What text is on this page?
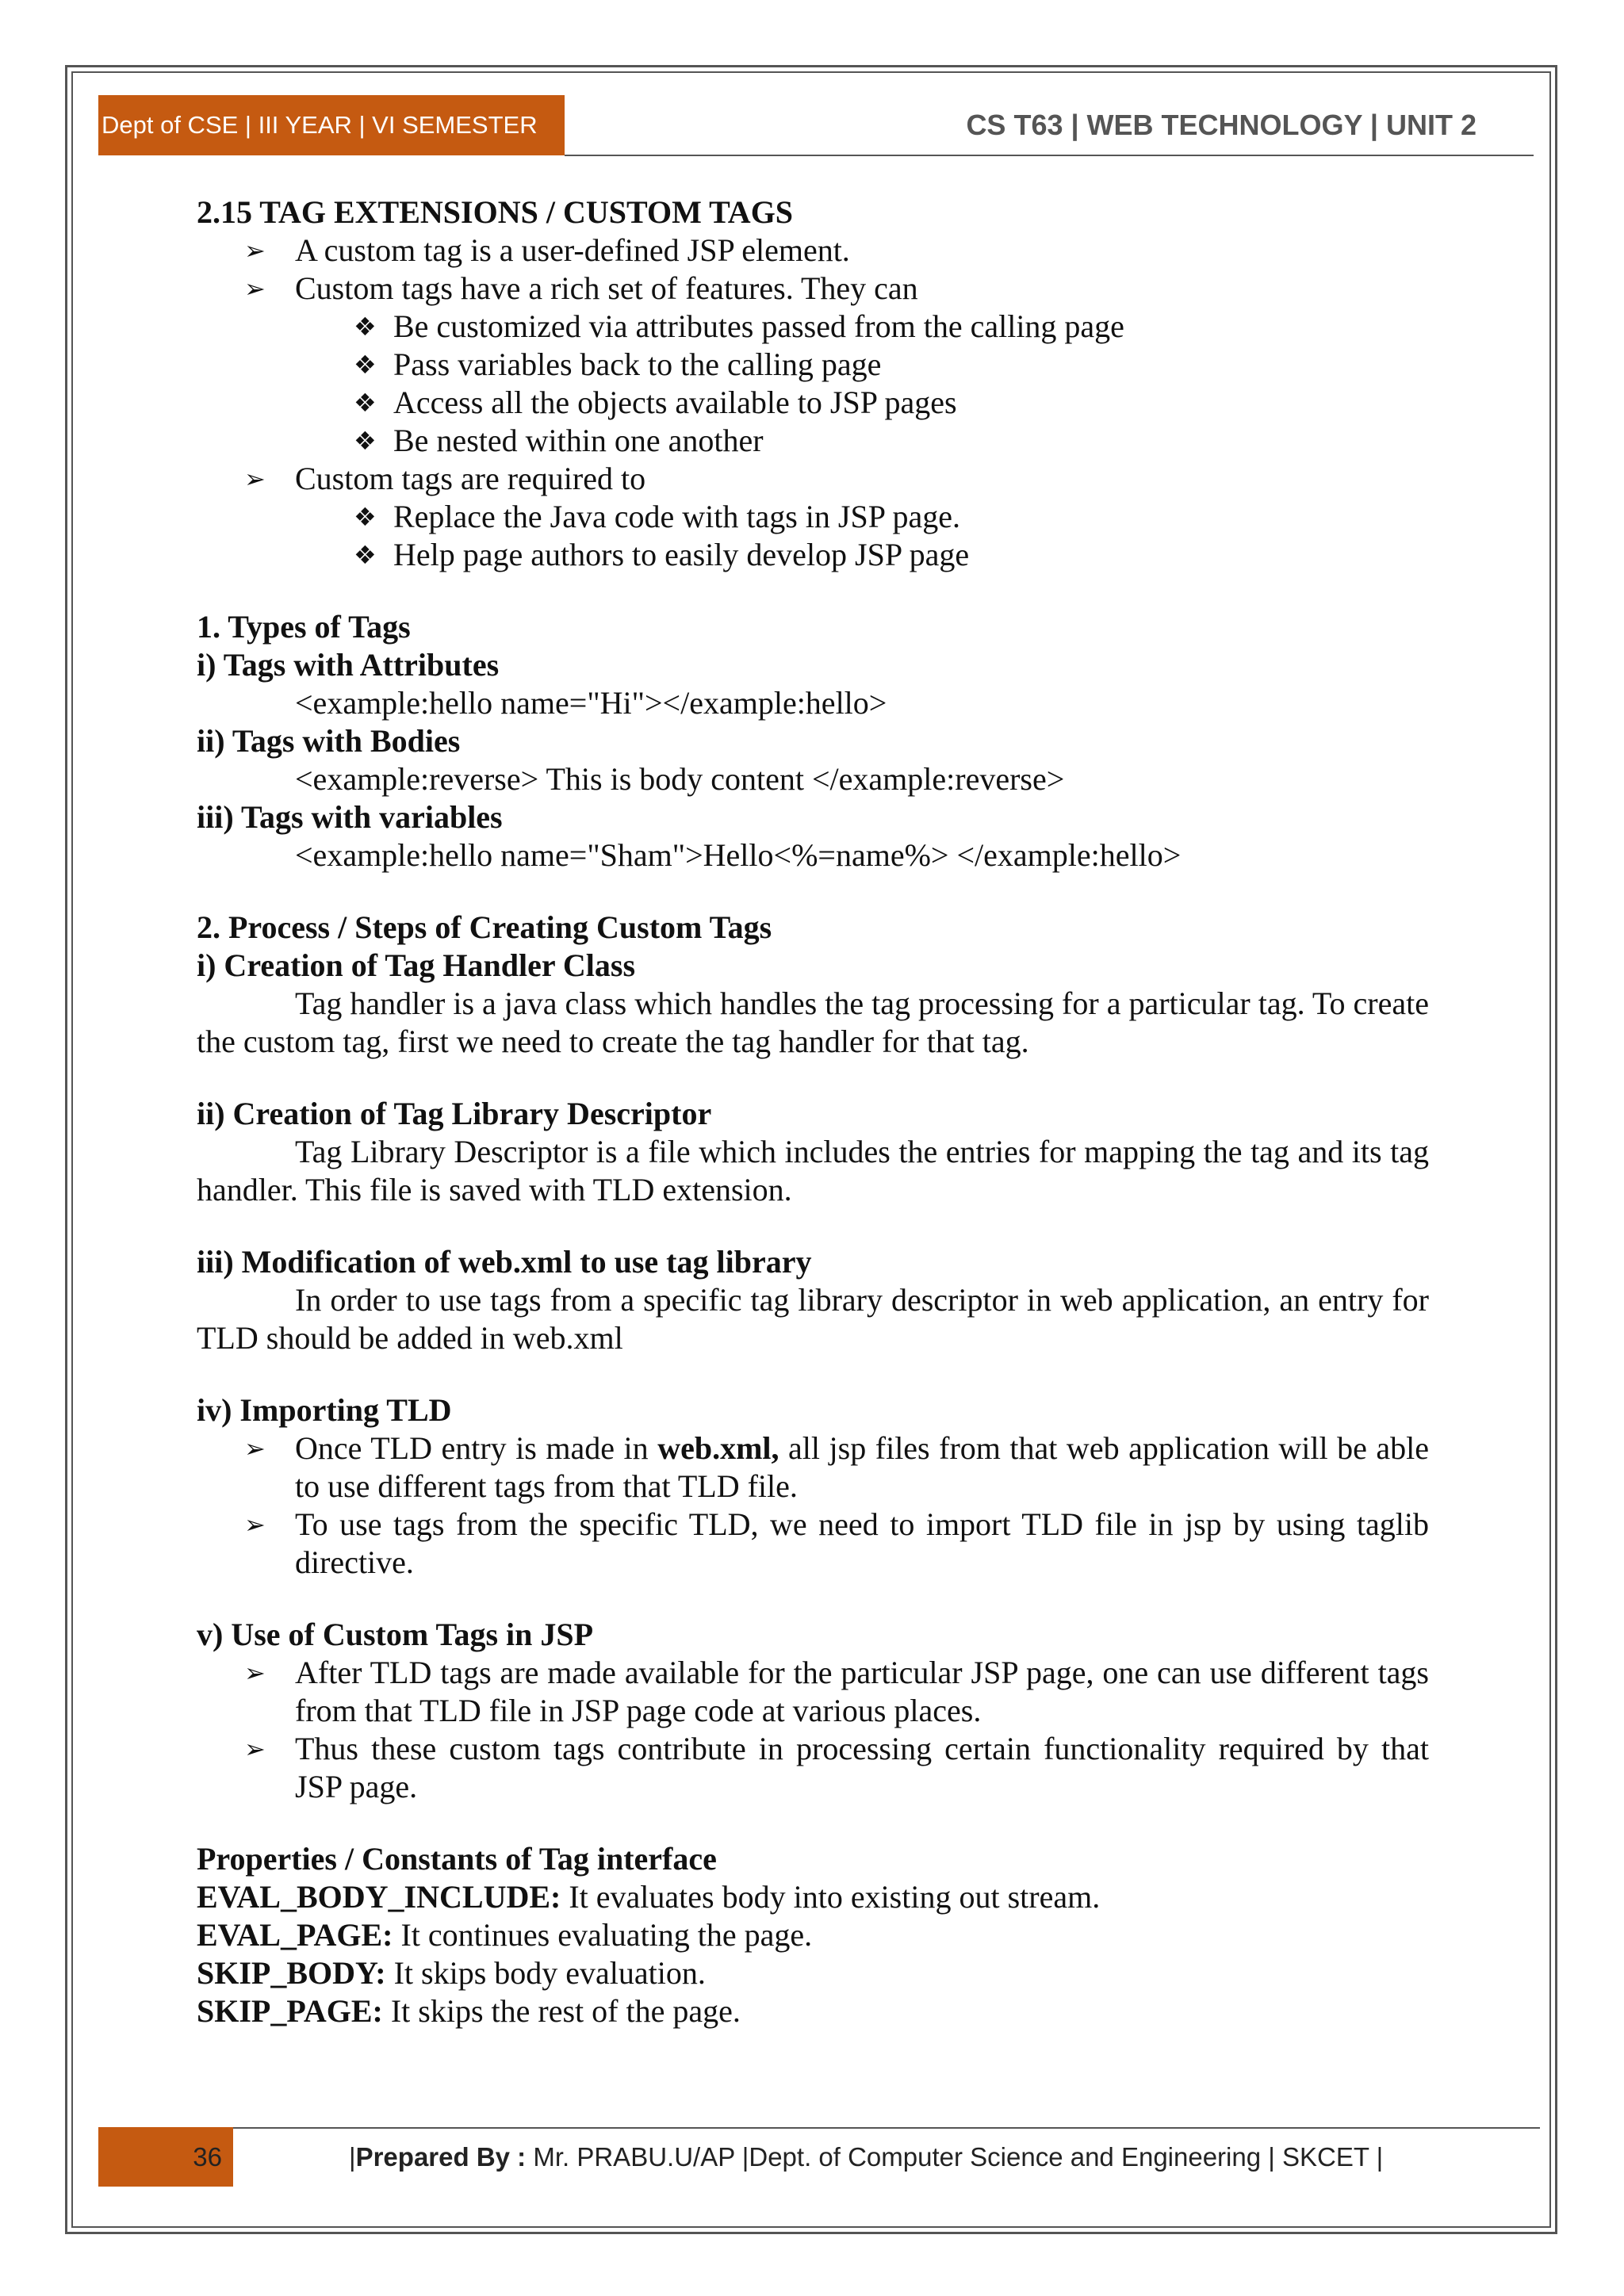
Dept of CSE | III YEAR | VI SEMESTER	CS T63 | WEB TECHNOLOGY | UNIT 2

2.15 TAG EXTENSIONS / CUSTOM TAGS

➢ A custom tag is a user-defined JSP element.
➢ Custom tags have a rich set of features. They can
❖ Be customized via attributes passed from the calling page
❖ Pass variables back to the calling page
❖ Access all the objects available to JSP pages
❖ Be nested within one another
➢ Custom tags are required to
❖ Replace the Java code with tags in JSP page.
❖ Help page authors to easily develop JSP page

1. Types of Tags

i) Tags with Attributes

<example:hello name="Hi"></example:hello>

ii) Tags with Bodies

<example:reverse> This is body content </example:reverse>

iii) Tags with variables

<example:hello name="Sham">Hello<%=name%> </example:hello>

2. Process / Steps of Creating Custom Tags

i) Creation of Tag Handler Class

Tag handler is a java class which handles the tag processing for a particular tag. To create the custom tag, first we need to create the tag handler for that tag.

ii) Creation of Tag Library Descriptor

Tag Library Descriptor is a file which includes the entries for mapping the tag and its tag handler. This file is saved with TLD extension.

iii) Modification of web.xml to use tag library

In order to use tags from a specific tag library descriptor in web application, an entry for TLD should be added in web.xml

iv) Importing TLD

➢ Once TLD entry is made in web.xml, all jsp files from that web application will be able to use different tags from that TLD file.
➢ To use tags from the specific TLD, we need to import TLD file in jsp by using taglib directive.

v) Use of Custom Tags in JSP

➢ After TLD tags are made available for the particular JSP page, one can use different tags from that TLD file in JSP page code at various places.
➢ Thus these custom tags contribute in processing certain functionality required by that JSP page.

Properties / Constants of Tag interface

EVAL_BODY_INCLUDE: It evaluates body into existing out stream.

EVAL_PAGE: It continues evaluating the page.

SKIP_BODY: It skips body evaluation.

SKIP_PAGE: It skips the rest of the page.

36	|Prepared By : Mr. PRABU.U/AP |Dept. of Computer Science and Engineering | SKCET |
